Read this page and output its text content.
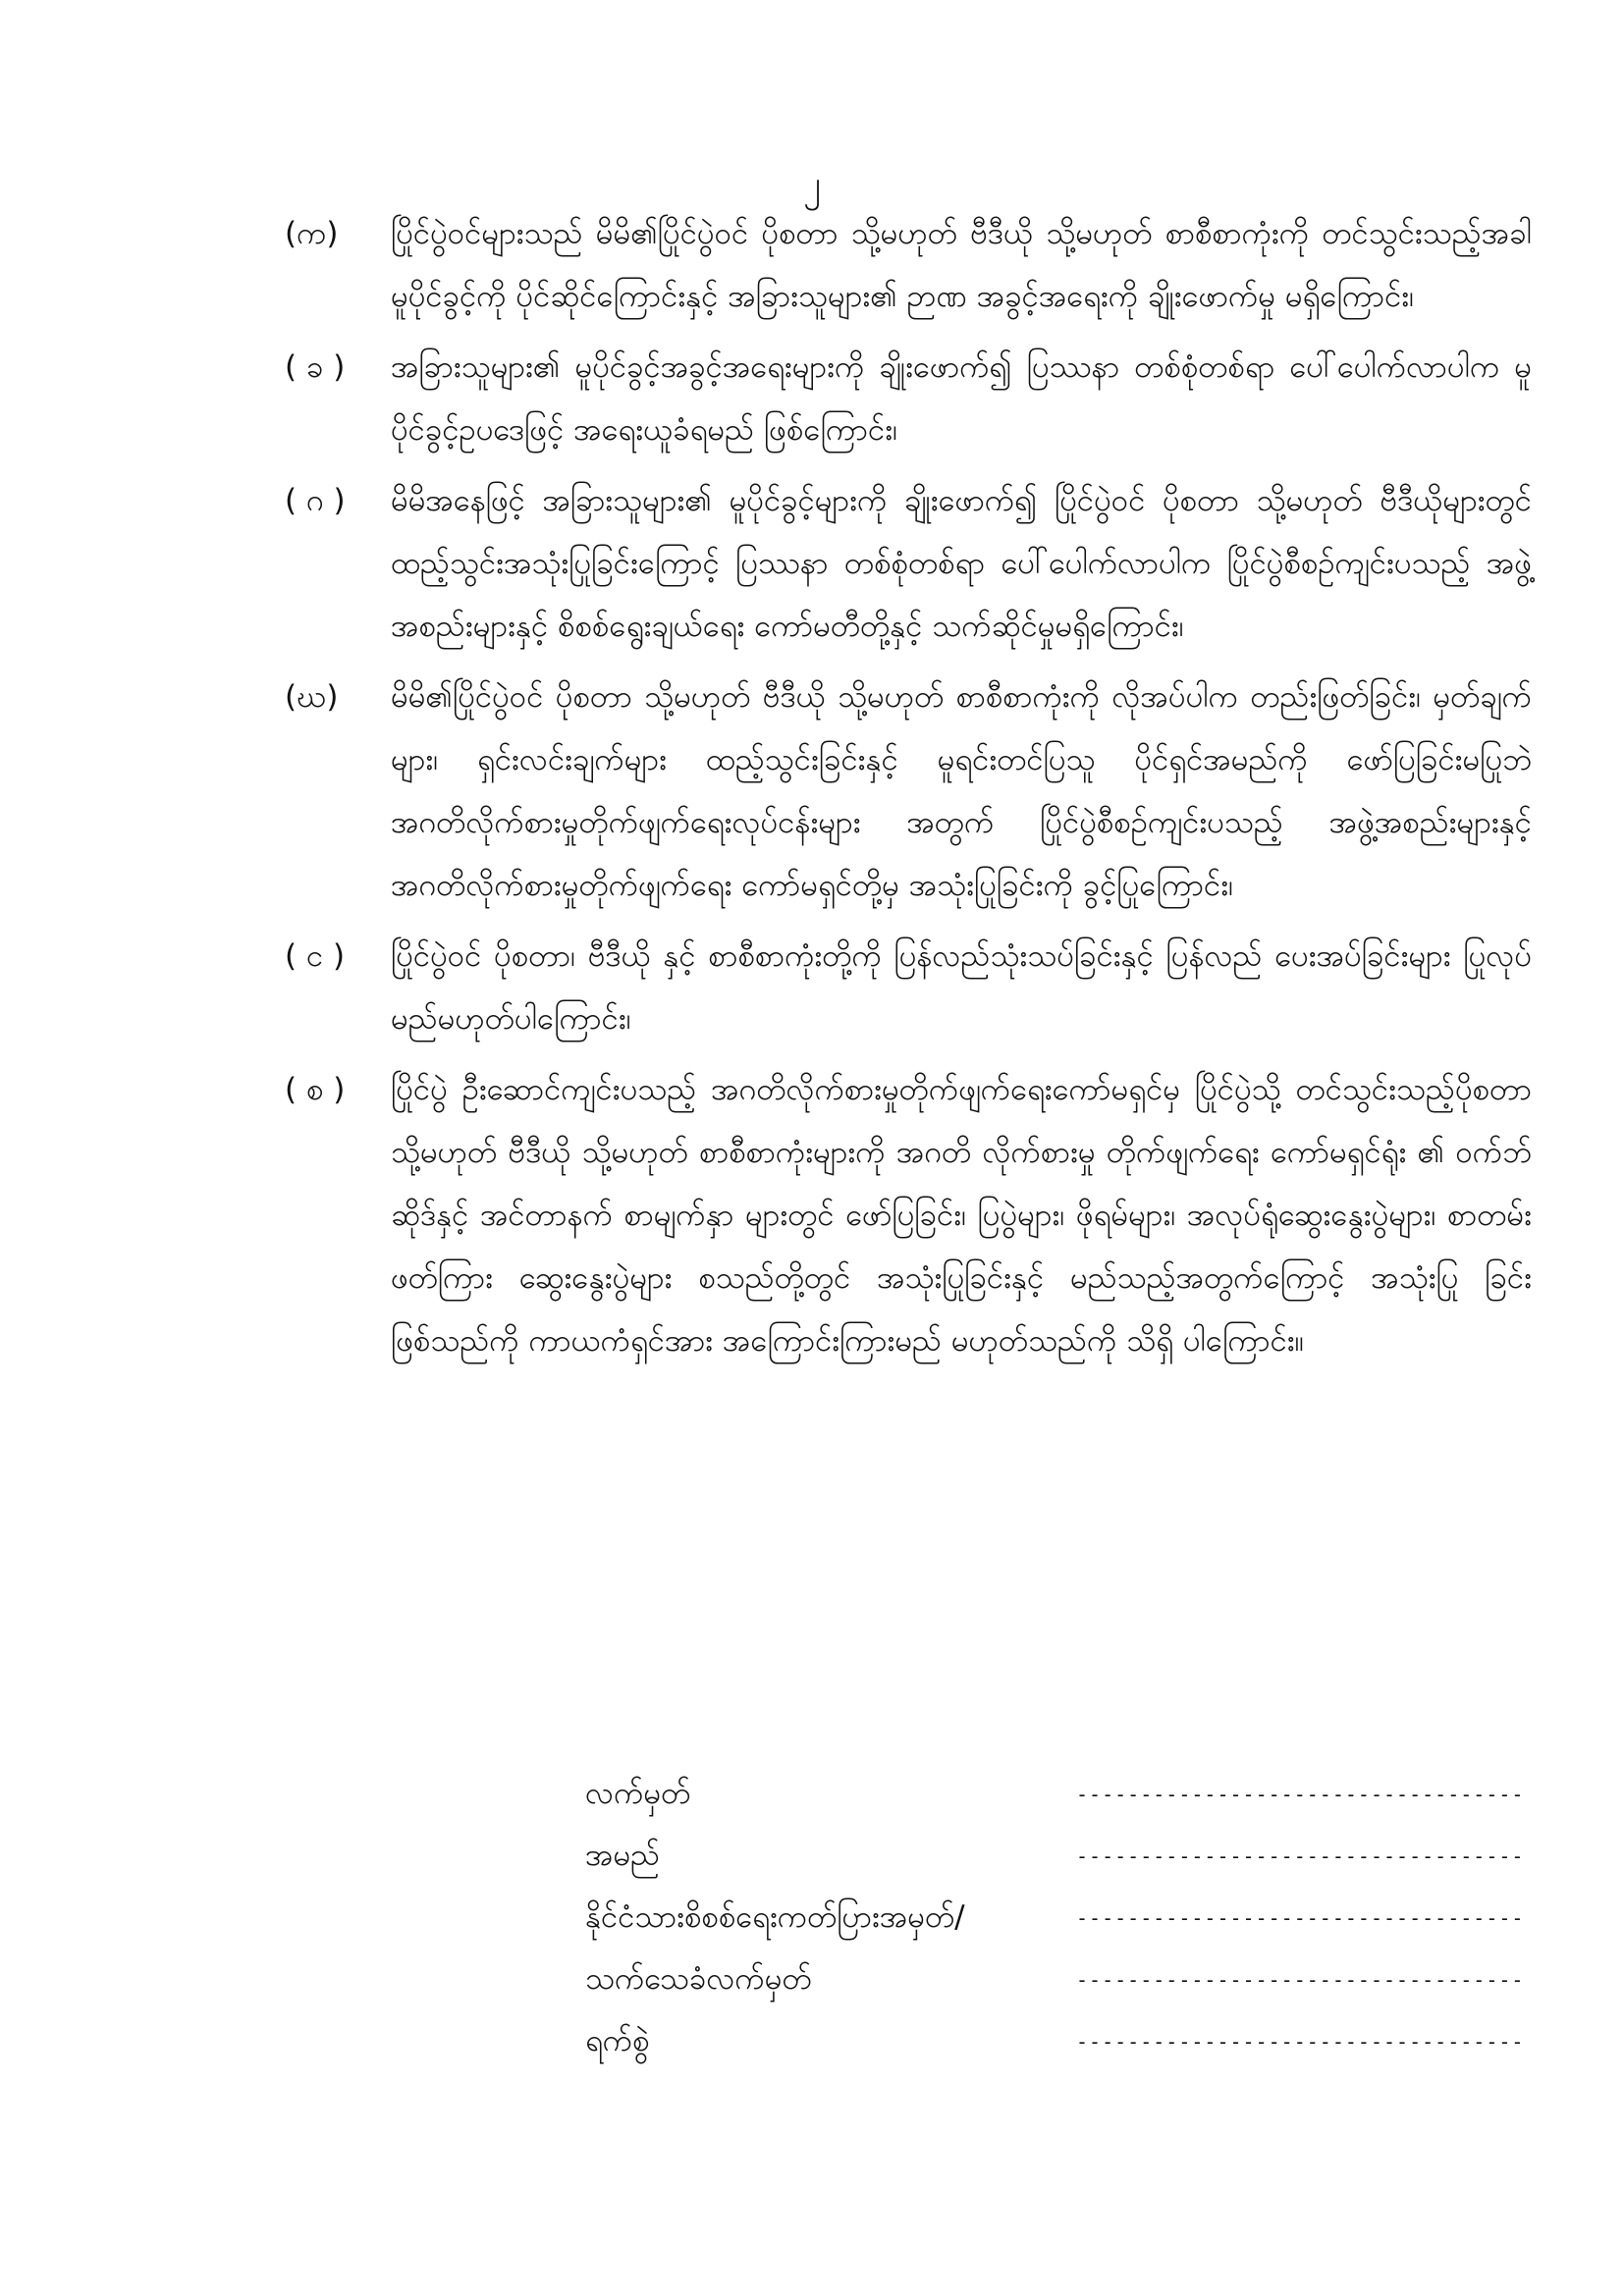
၂
(က)	ပြိုင်ပွဲဝင်များသည် မိမိ၏ပြိုင်ပွဲဝင် ပိုစတာ သို့မဟုတ် ဗီဒီယို သို့မဟုတ် စာစီစာကုံးကို တင်သွင်းသည့်အခါ မူပိုင်ခွင့်ကို ပိုင်ဆိုင်ကြောင်းနှင့် အခြားသူများ၏ ဉာဏ အခွင့်အရေးကို ချိုးဖောက်မှု မရှိကြောင်း၊
( ခ )	အခြားသူများ၏ မူပိုင်ခွင့်အခွင့်အရေးများကို ချိုးဖောက်၍ ပြဿနာ တစ်စုံတစ်ရာ ပေါ်ပေါက်လာပါက မူပိုင်ခွင့်ဥပဒေဖြင့် အရေးယူခံရမည် ဖြစ်ကြောင်း၊
( ဂ )	မိမိအနေဖြင့် အခြားသူများ၏ မူပိုင်ခွင့်များကို ချိုးဖောက်၍ ပြိုင်ပွဲဝင် ပိုစတာ သို့မဟုတ် ဗီဒီယိုများတွင် ထည့်သွင်းအသုံးပြုခြင်းကြောင့် ပြဿနာ တစ်စုံတစ်ရာ ပေါ်ပေါက်လာပါက ပြိုင်ပွဲစီစဉ်ကျင်းပသည့် အဖွဲ့အစည်းများနှင့် စိစစ်ရွေးချယ်ရေး ကော်မတီတို့နှင့် သက်ဆိုင်မှုမရှိကြောင်း၊
(ဃ)	မိမိ၏ပြိုင်ပွဲဝင် ပိုစတာ သို့မဟုတ် ဗီဒီယို သို့မဟုတ် စာစီစာကုံးကို လိုအပ်ပါက တည်းဖြတ်ခြင်း၊ မှတ်ချက်များ၊ ရှင်းလင်းချက်များ ထည့်သွင်းခြင်းနှင့် မူရင်းတင်ပြသူ ပိုင်ရှင်အမည်ကို ဖော်ပြခြင်းမပြုဘဲ အဂတိလိုက်စားမှုတိုက်ဖျက်ရေးလုပ်ငန်းများ အတွက် ပြိုင်ပွဲစီစဉ်ကျင်းပသည့် အဖွဲ့အစည်းများနှင့် အဂတိလိုက်စားမှုတိုက်ဖျက်ရေး ကော်မရှင်တို့မှ အသုံးပြုခြင်းကို ခွင့်ပြုကြောင်း၊
( င )	ပြိုင်ပွဲဝင် ပိုစတာ၊ ဗီဒီယို နှင့် စာစီစာကုံးတို့ကို ပြန်လည်သုံးသပ်ခြင်းနှင့် ပြန်လည် ပေးအပ်ခြင်းများ ပြုလုပ်မည်မဟုတ်ပါကြောင်း၊
( စ )	ပြိုင်ပွဲ ဦးဆောင်ကျင်းပသည့် အဂတိလိုက်စားမှုတိုက်ဖျက်ရေးကော်မရှင်မှ ပြိုင်ပွဲသို့ တင်သွင်းသည့်ပိုစတာ သို့မဟုတ် ဗီဒီယို သို့မဟုတ် စာစီစာကုံးများကို အဂတိ လိုက်စားမှု တိုက်ဖျက်ရေး ကော်မရှင်ရုံး ၏ ဝက်ဘ်ဆိုဒ်နှင့် အင်တာနက် စာမျက်နှာ များတွင် ဖော်ပြခြင်း၊ ပြပွဲများ၊ ဖိုရမ်များ၊ အလုပ်ရုံဆွေးနွေးပွဲများ၊ စာတမ်း ဖတ်ကြား ဆွေးနွေးပွဲများ စသည်တို့တွင် အသုံးပြုခြင်းနှင့် မည်သည့်အတွက်ကြောင့် အသုံးပြု ခြင်း ဖြစ်သည်ကို ကာယကံရှင်အား အကြောင်းကြားမည် မဟုတ်သည်ကို သိရှိ ပါကြောင်း။
လက်မှတ်	-----------------------------------
အမည်	-----------------------------------
နိုင်ငံသားစိစစ်ရေးကတ်ပြားအမှတ်/	-----------------------------------
သက်သေခံလက်မှတ်	-----------------------------------
ရက်စွဲ	-----------------------------------
